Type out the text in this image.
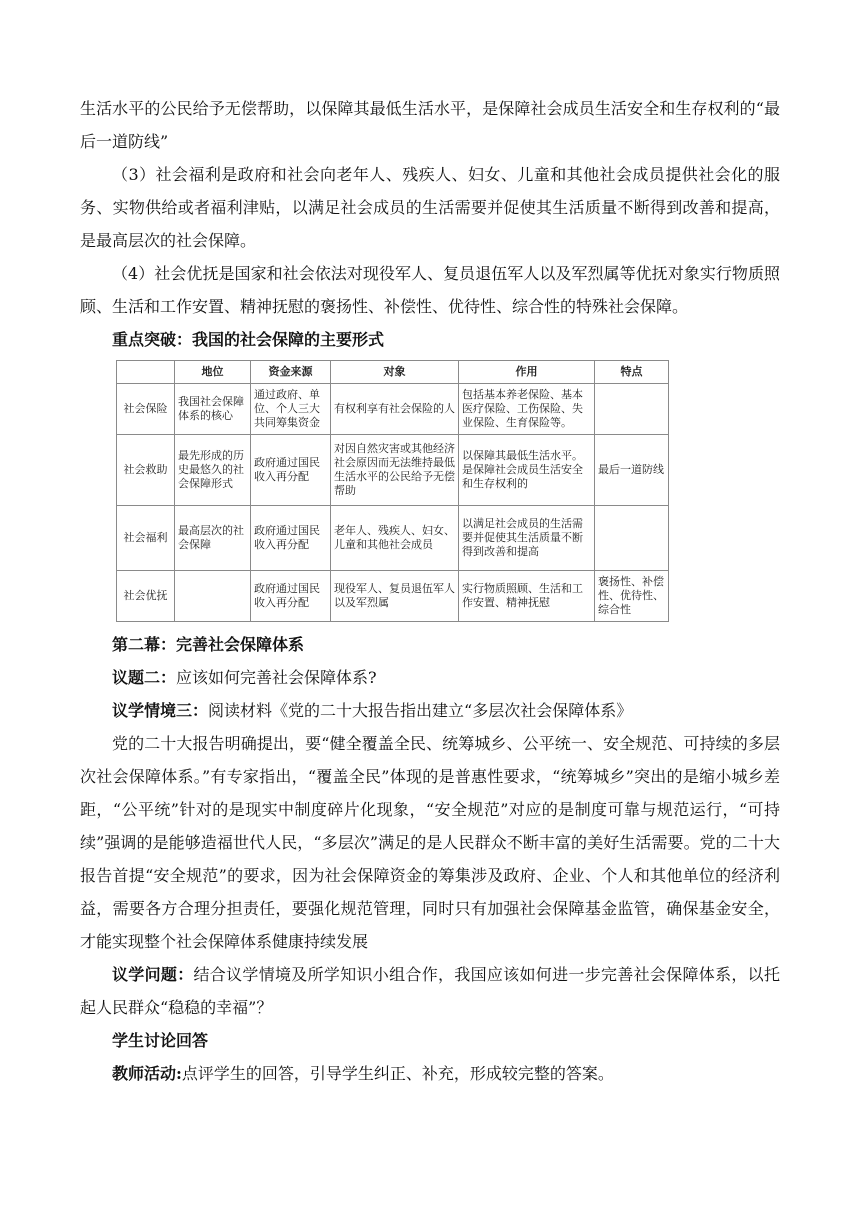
生活水平的公民给予无偿帮助，以保障其最低生活水平，是保障社会成员生活安全和生存权利的“最后一道防线”

（3）社会福利是政府和社会向老年人、残疾人、妇女、儿童和其他社会成员提供社会化的服务、实物供给或者福利津贴，以满足社会成员的生活需要并促使其生活质量不断得到改善和提高，是最高层次的社会保障。

（4）社会优抚是国家和社会依法对现役军人、复员退伍军人以及军烈属等优抚对象实行物质照顾、生活和工作安置、精神抚慰的褒扬性、补偿性、优待性、综合性的特殊社会保障。

重点突破：我国的社会保障的主要形式

	地位	资金来源	对象	作用	特点
社会保险	我国社会保障体系的核心	通过政府、单位、个人三大共同筹集资金	有权利享有社会保险的人	包括基本养老保险、基本医疗保险、工伤保险、失业保险、生育保险等。	
社会救助	最先形成的历史最悠久的社会保障形式	政府通过国民收入再分配	对因自然灾害或其他经济社会原因而无法维持最低生活水平的公民给予无偿帮助	以保障其最低生活水平。是保障社会成员生活安全和生存权利的	最后一道防线
社会福利	最高层次的社会保障	政府通过国民收入再分配	老年人、残疾人、妇女、儿童和其他社会成员	以满足社会成员的生活需要并促使其生活质量不断得到改善和提高	
社会优抚		政府通过国民收入再分配	现役军人、复员退伍军人以及军烈属	实行物质照顾、生活和工作安置、精神抚慰	褒扬性、补偿性、优待性、综合性

第二幕：完善社会保障体系

议题二：应该如何完善社会保障体系?

议学情境三：阅读材料《党的二十大报告指出建立“多层次社会保障体系》

党的二十大报告明确提出，要“健全覆盖全民、统筹城乡、公平统一、安全规范、可持续的多层次社会保障体系。”有专家指出，“覆盖全民”体现的是普惠性要求，“统筹城乡”突出的是缩小城乡差距，“公平统”针对的是现实中制度碎片化现象，“安全规范”对应的是制度可靠与规范运行，“可持续”强调的是能够造福世代人民，“多层次”满足的是人民群众不断丰富的美好生活需要。党的二十大报告首提“安全规范”的要求，因为社会保障资金的筹集涉及政府、企业、个人和其他单位的经济利益，需要各方合理分担责任，要强化规范管理，同时只有加强社会保障基金监管，确保基金安全，才能实现整个社会保障体系健康持续发展

议学问题：结合议学情境及所学知识小组合作，我国应该如何进一步完善社会保障体系，以托起人民群众“稳稳的幸福”？

学生讨论回答

教师活动:点评学生的回答，引导学生纠正、补充，形成较完整的答案。
